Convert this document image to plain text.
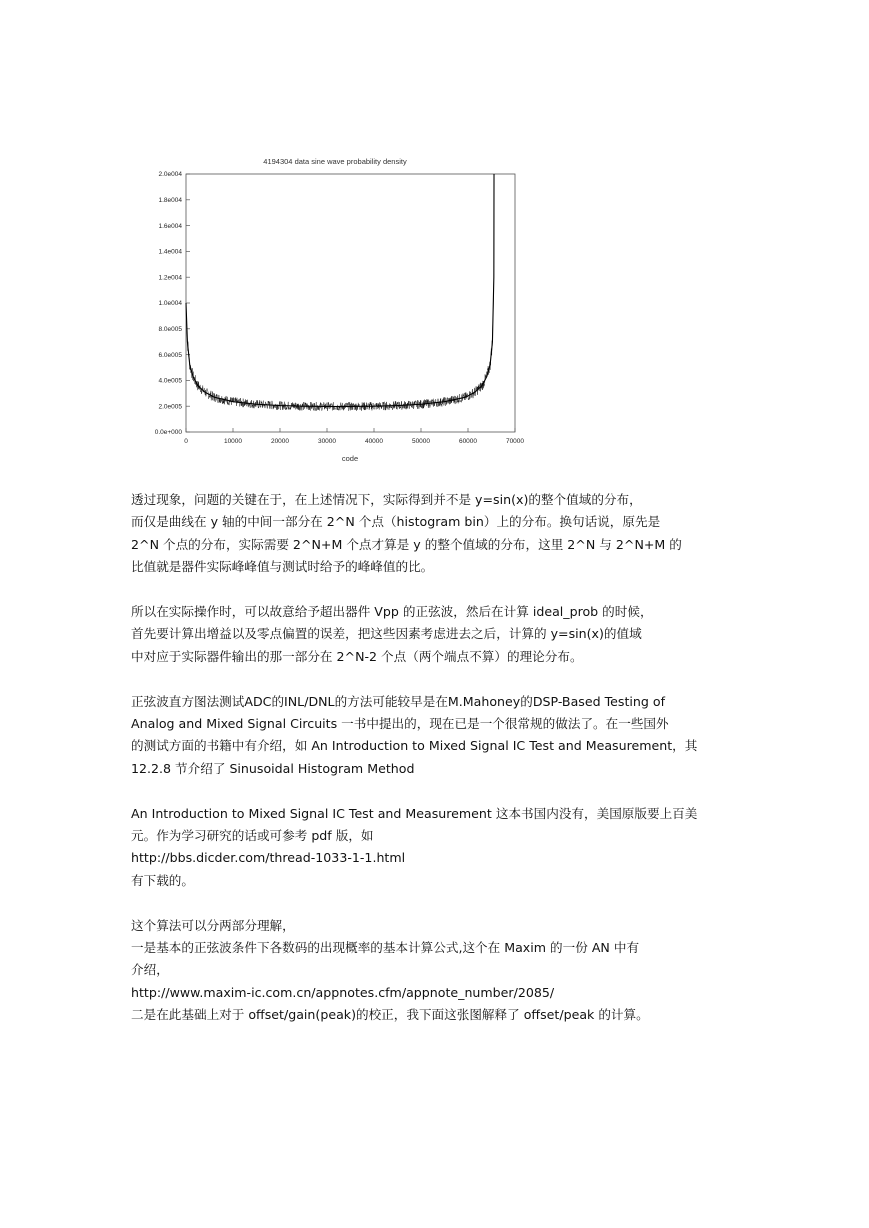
4194304 data sine wave probability density
0.0e+000
2.0e005
4.0e005
6.0e005
8.0e005
1.0e004
1.2e004
1.4e004
1.6e004
1.8e004
2.0e004
0	10000	20000	30000	40000	50000	60000	70000
code

透过现象，问题的关键在于，在上述情况下，实际得到并不是 y=sin(x)的整个值域的分布，

而仅是曲线在 y 轴的中间一部分在 2^N 个点（histogram bin）上的分布。换句话说，原先是

2^N 个点的分布，实际需要 2^N+M 个点才算是 y 的整个值域的分布，这里 2^N 与 2^N+M 的

比值就是器件实际峰峰值与测试时给予的峰峰值的比。

所以在实际操作时，可以故意给予超出器件 Vpp 的正弦波，然后在计算 ideal_prob 的时候，

首先要计算出增益以及零点偏置的误差，把这些因素考虑进去之后，计算的 y=sin(x)的值域

中对应于实际器件输出的那一部分在 2^N-2 个点（两个端点不算）的理论分布。

正弦波直方图法测试ADC的INL/DNL的方法可能较早是在M.Mahoney的DSP-Based Testing of

Analog and Mixed Signal Circuits 一书中提出的，现在已是一个很常规的做法了。在一些国外

的测试方面的书籍中有介绍，如 An Introduction to Mixed Signal IC Test and Measurement，其

12.2.8 节介绍了 Sinusoidal Histogram Method

An Introduction to Mixed Signal IC Test and Measurement 这本书国内没有，美国原版要上百美

元。作为学习研究的话或可参考 pdf 版，如

http://bbs.dicder.com/thread-1033-1-1.html

有下载的。

这个算法可以分两部分理解，

一是基本的正弦波条件下各数码的出现概率的基本计算公式,这个在 Maxim 的一份 AN 中有

介绍，

http://www.maxim-ic.com.cn/appnotes.cfm/appnote_number/2085/

二是在此基础上对于 offset/gain(peak)的校正，我下面这张图解释了 offset/peak 的计算。
